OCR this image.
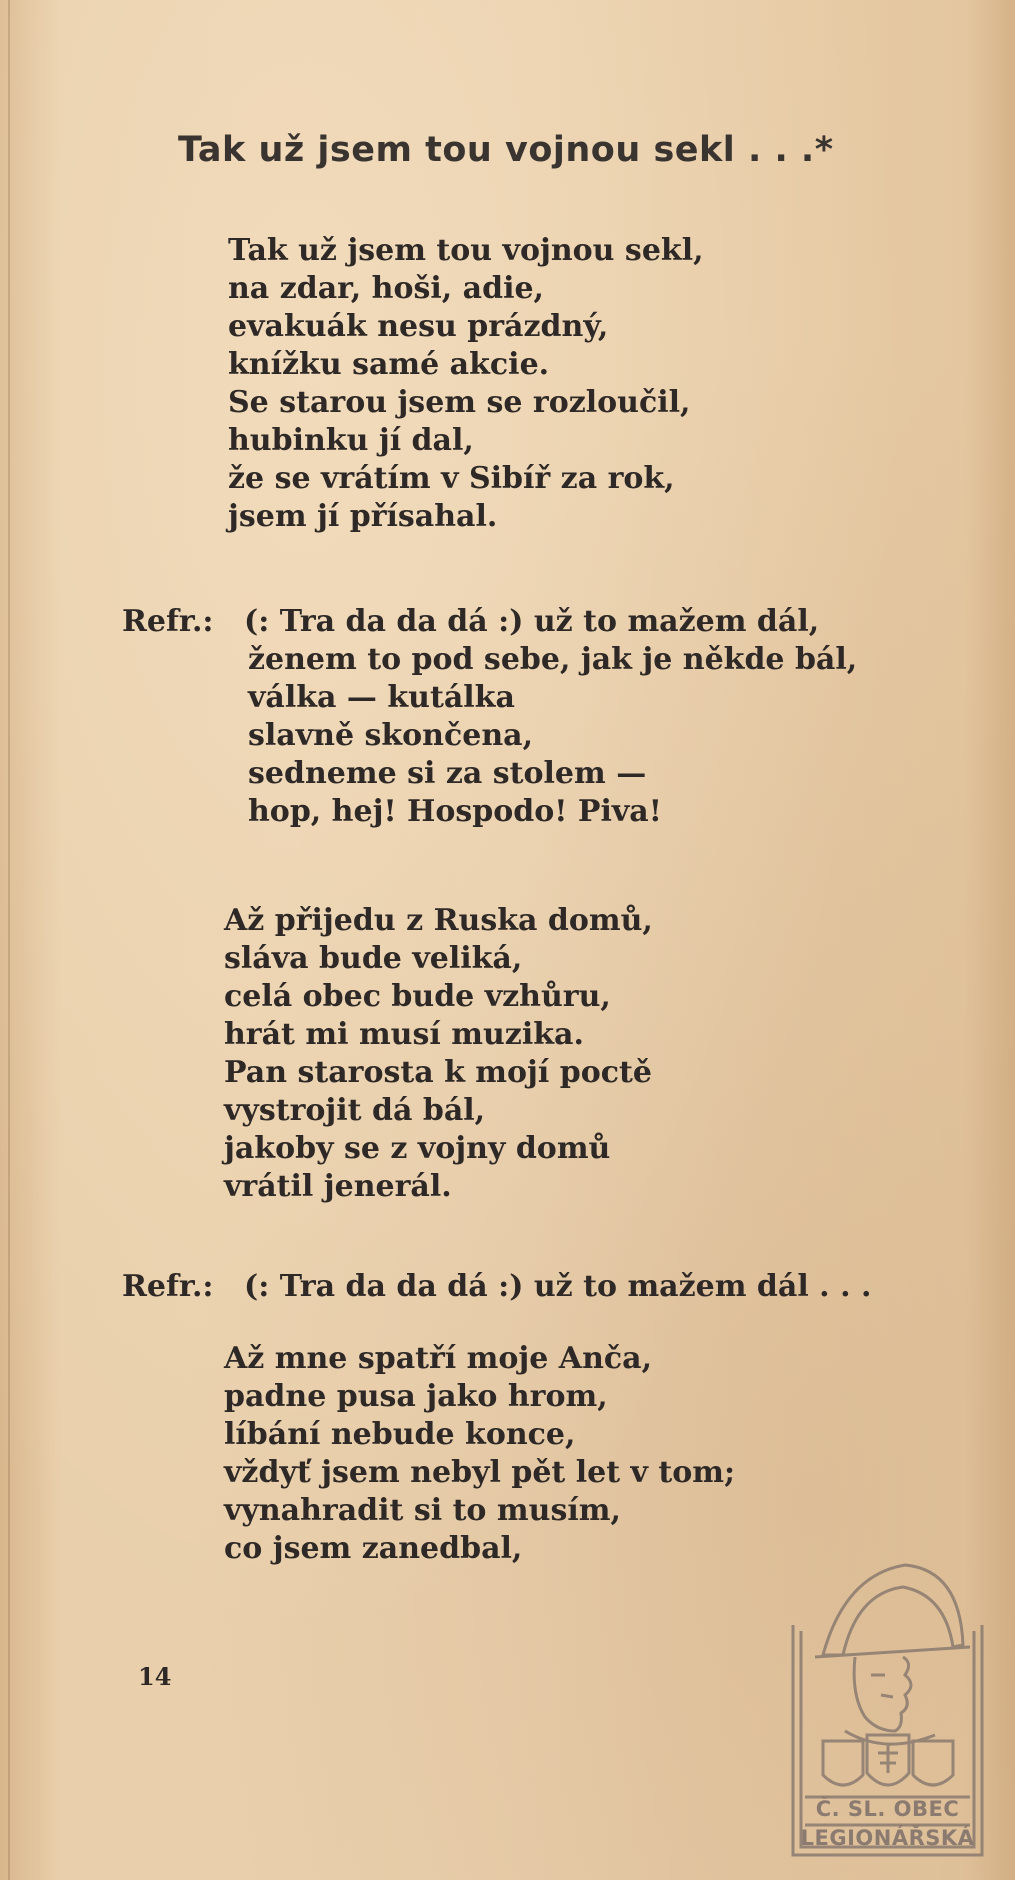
Tak už jsem tou vojnou sekl . . .*
Tak už jsem tou vojnou sekl,
na zdar, hoši, adie,
evakuák nesu prázdný,
knížku samé akcie.
Se starou jsem se rozloučil,
hubinku jí dal,
že se vrátím v Sibíř za rok,
jsem jí přísahal.
Refr.: (: Tra da da dá :) už to mažem dál,
ženem to pod sebe, jak je někde bál,
válka — kutálka
slavně skončena,
sedneme si za stolem —
hop, hej! Hospodo! Piva!
Až přijedu z Ruska domů,
sláva bude veliká,
celá obec bude vzhůru,
hrát mi musí muzika.
Pan starosta k mojí poctě
vystrojit dá bál,
jakoby se z vojny domů
vrátil jenerál.
Refr.: (: Tra da da dá :) už to mažem dál . . .
Až mne spatří moje Anča,
padne pusa jako hrom,
líbání nebude konce,
vždyť jsem nebyl pět let v tom;
vynahradit si to musím,
co jsem zanedbal,
14
Č. SL. OBEC
LEGIONÁŘSKÁ
